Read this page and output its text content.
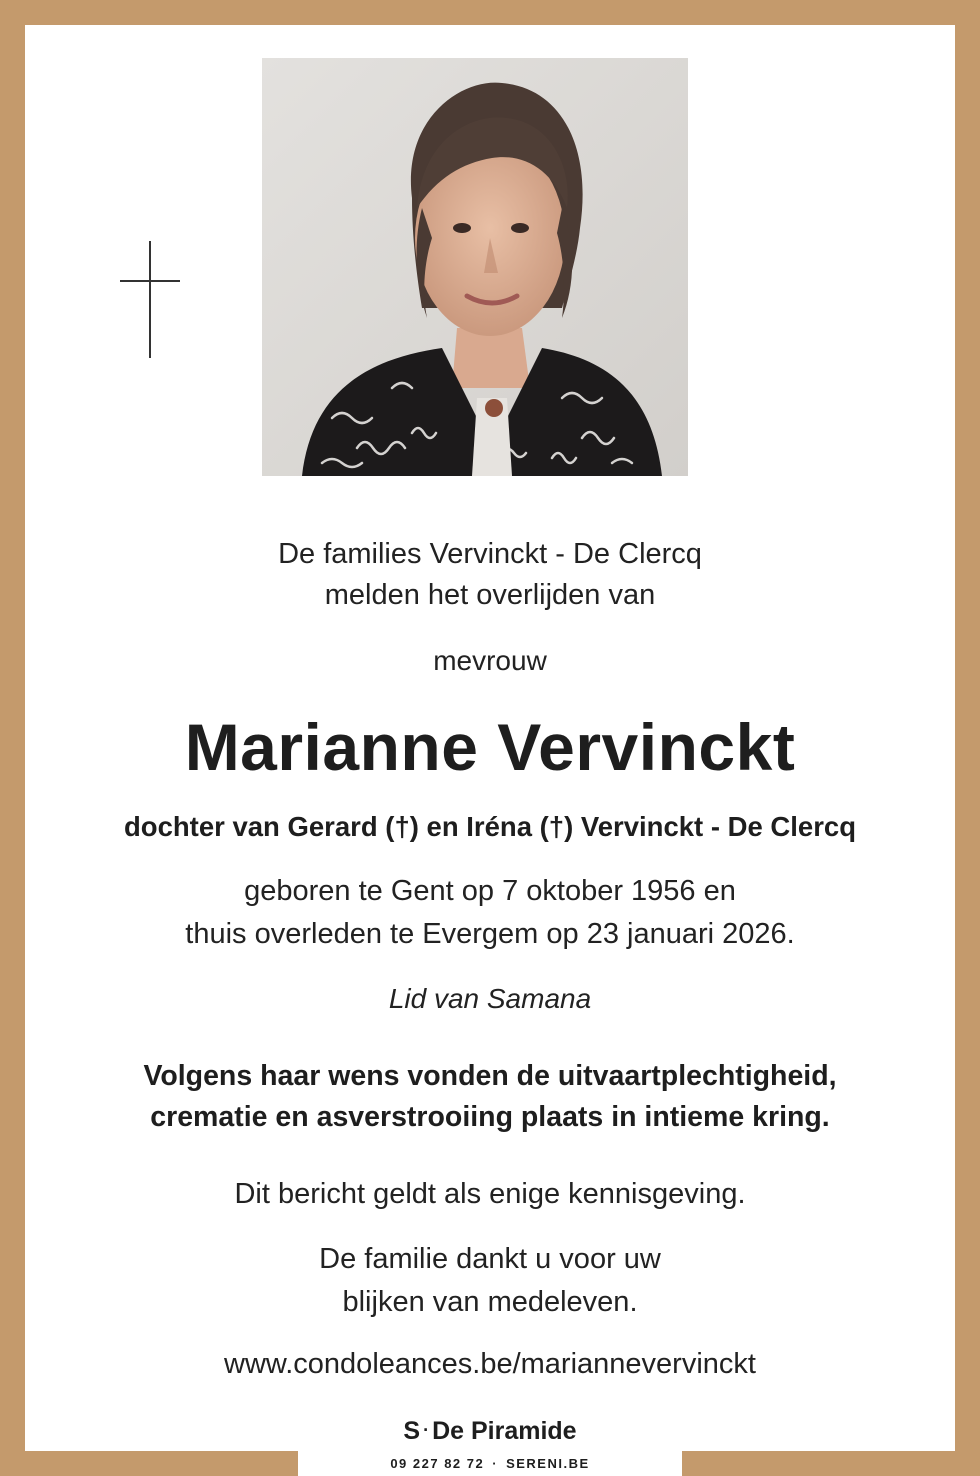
De families Vervinckt - De Clercq
melden het overlijden van
mevrouw
Marianne Vervinckt
dochter van Gerard (†) en Iréna (†) Vervinckt - De Clercq
geboren te Gent op 7 oktober 1956 en
thuis overleden te Evergem op 23 januari 2026.
Lid van Samana
Volgens haar wens vonden de uitvaartplechtigheid,
crematie en asverstrooiing plaats in intieme kring.
Dit bericht geldt als enige kennisgeving.
De familie dankt u voor uw
blijken van medeleven.
www.condoleances.be/mariannevervinckt
S · De Piramide
09 227 82 72 · SERENI.BE
